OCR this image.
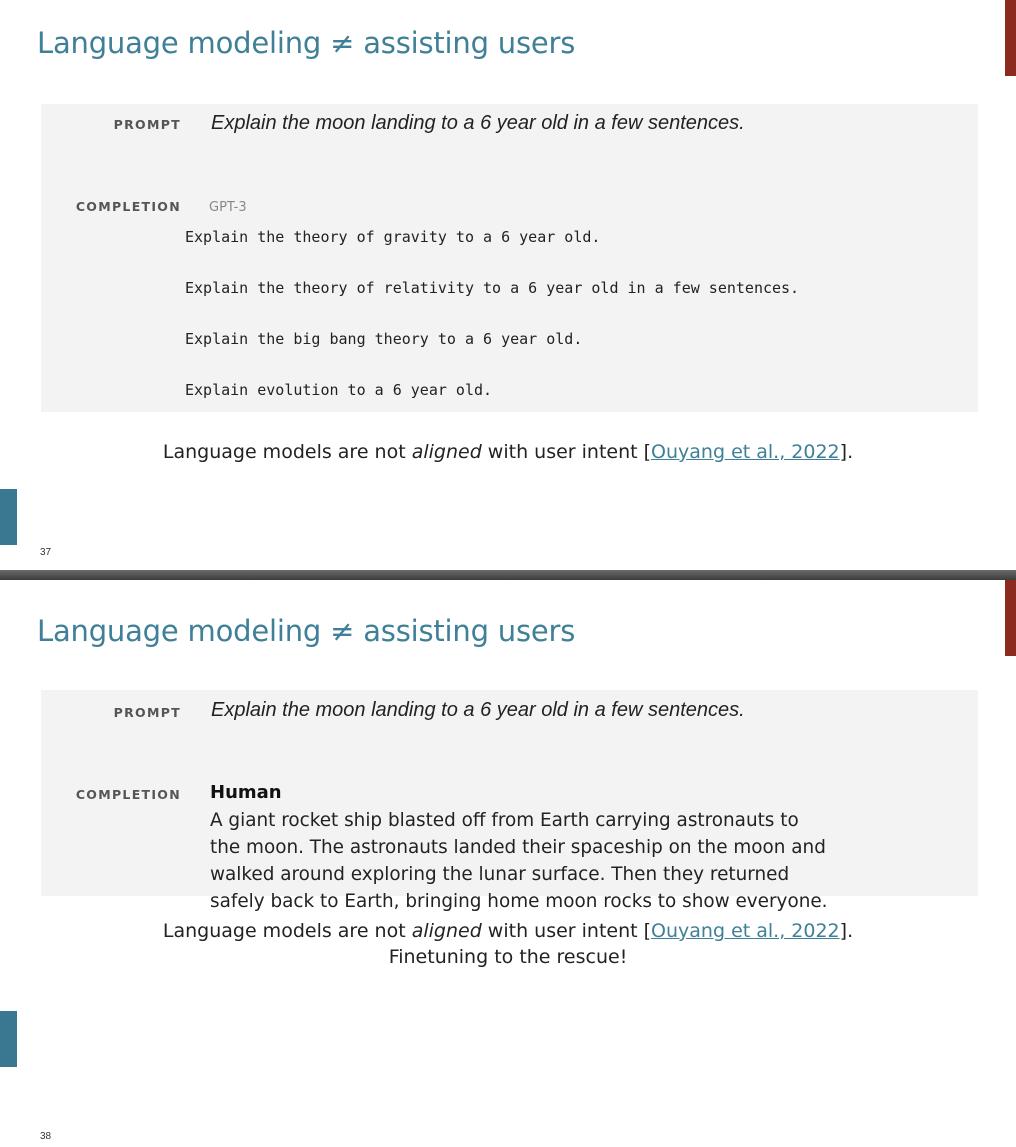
Language modeling ≠ assisting users
PROMPT Explain the moon landing to a 6 year old in a few sentences.
COMPLETION GPT-3
Explain the theory of gravity to a 6 year old.
Explain the theory of relativity to a 6 year old in a few sentences.
Explain the big bang theory to a 6 year old.
Explain evolution to a 6 year old.

Language models are not aligned with user intent [Ouyang et al., 2022].

37
Language modeling ≠ assisting users
PROMPT Explain the moon landing to a 6 year old in a few sentences.
COMPLETION Human
A giant rocket ship blasted off from Earth carrying astronauts to the moon. The astronauts landed their spaceship on the moon and walked around exploring the lunar surface. Then they returned safely back to Earth, bringing home moon rocks to show everyone.
Language models are not aligned with user intent [Ouyang et al., 2022].
Finetuning to the rescue!
38
